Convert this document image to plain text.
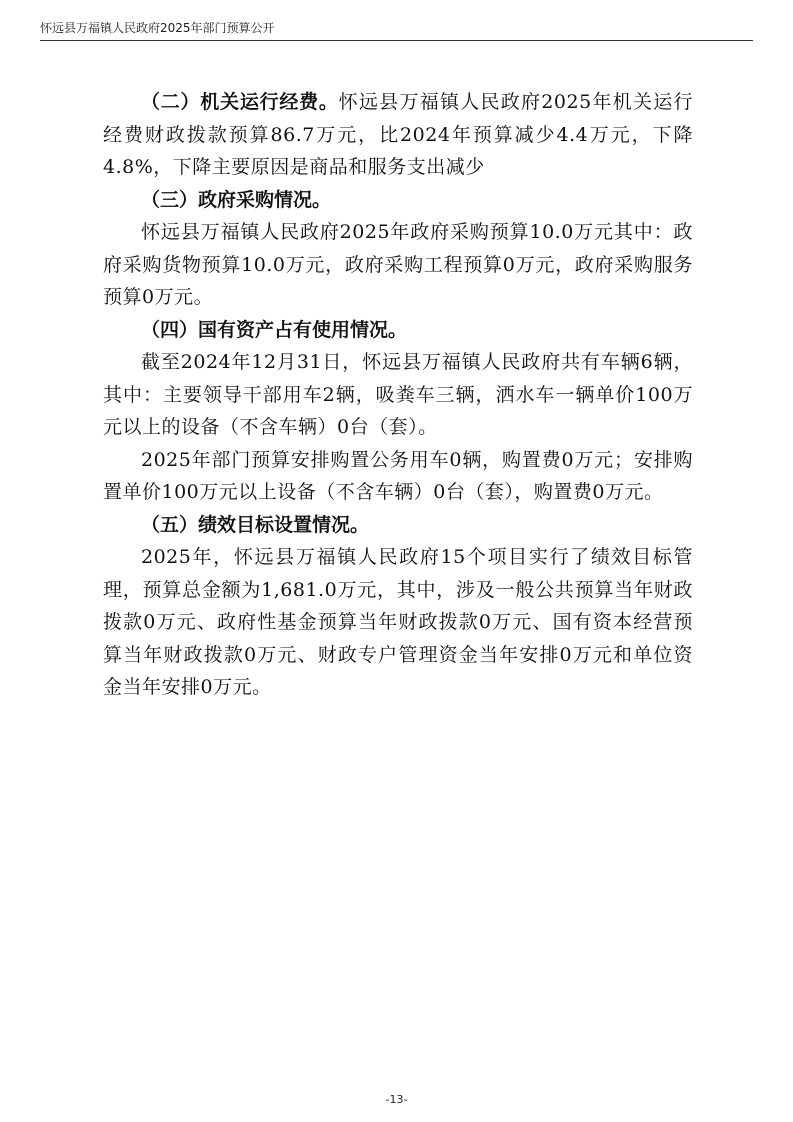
怀远县万福镇人民政府2025年部门预算公开

（二）机关运行经费。怀远县万福镇人民政府2025年机关运行经费财政拨款预算86.7万元，比2024年预算减少4.4万元，下降4.8%，下降主要原因是商品和服务支出减少

（三）政府采购情况。

怀远县万福镇人民政府2025年政府采购预算10.0万元其中：政府采购货物预算10.0万元，政府采购工程预算0万元，政府采购服务预算0万元。

（四）国有资产占有使用情况。

截至2024年12月31日，怀远县万福镇人民政府共有车辆6辆，其中：主要领导干部用车2辆，吸粪车三辆，洒水车一辆单价100万元以上的设备（不含车辆）0台（套）。

2025年部门预算安排购置公务用车0辆，购置费0万元；安排购置单价100万元以上设备（不含车辆）0台（套），购置费0万元。

（五）绩效目标设置情况。

2025年，怀远县万福镇人民政府15个项目实行了绩效目标管理，预算总金额为1,681.0万元，其中，涉及一般公共预算当年财政拨款0万元、政府性基金预算当年财政拨款0万元、国有资本经营预算当年财政拨款0万元、财政专户管理资金当年安排0万元和单位资金当年安排0万元。

-13-
